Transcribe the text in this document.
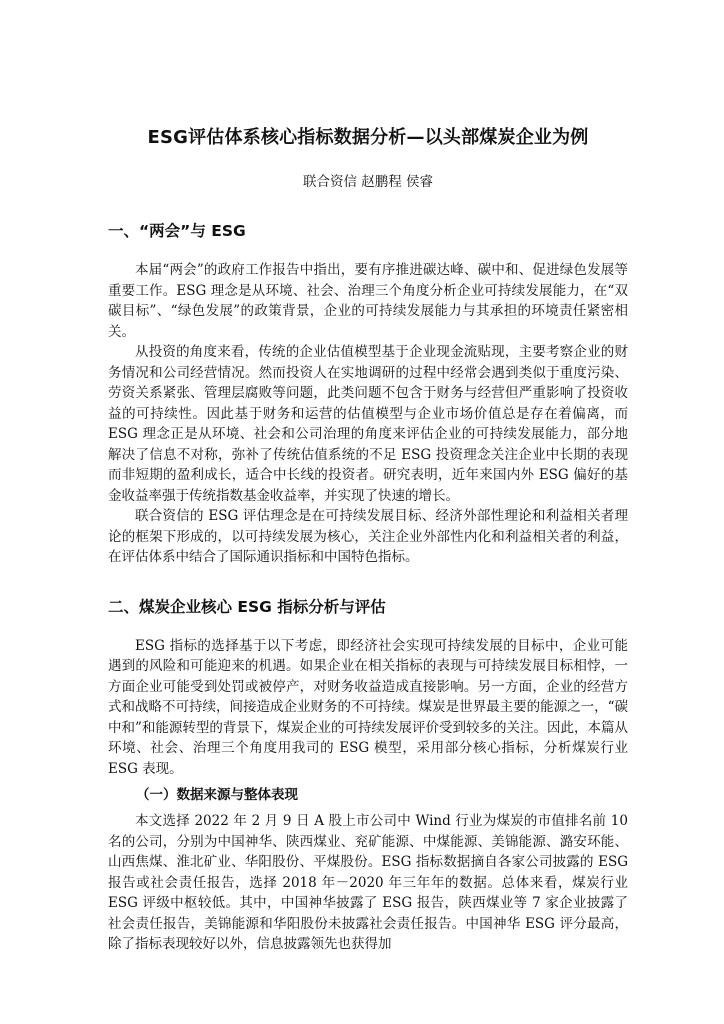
ESG评估体系核心指标数据分析—以头部煤炭企业为例
联合资信 赵鹏程 侯睿
一、“两会”与 ESG

本届“两会”的政府工作报告中指出，要有序推进碳达峰、碳中和、促进绿色发展等重要工作。ESG 理念是从环境、社会、治理三个角度分析企业可持续发展能力，在“双碳目标”、“绿色发展”的政策背景，企业的可持续发展能力与其承担的环境责任紧密相关。

从投资的角度来看，传统的企业估值模型基于企业现金流贴现，主要考察企业的财务情况和公司经营情况。然而投资人在实地调研的过程中经常会遇到类似于重度污染、劳资关系紧张、管理层腐败等问题，此类问题不包含于财务与经营但严重影响了投资收益的可持续性。因此基于财务和运营的估值模型与企业市场价值总是存在着偏离，而 ESG 理念正是从环境、社会和公司治理的角度来评估企业的可持续发展能力，部分地解决了信息不对称，弥补了传统估值系统的不足 ESG 投资理念关注企业中长期的表现而非短期的盈利成长，适合中长线的投资者。研究表明，近年来国内外 ESG 偏好的基金收益率强于传统指数基金收益率，并实现了快速的增长。

联合资信的 ESG 评估理念是在可持续发展目标、经济外部性理论和利益相关者理论的框架下形成的，以可持续发展为核心，关注企业外部性内化和利益相关者的利益，在评估体系中结合了国际通识指标和中国特色指标。

二、煤炭企业核心 ESG 指标分析与评估

ESG 指标的选择基于以下考虑，即经济社会实现可持续发展的目标中，企业可能遇到的风险和可能迎来的机遇。如果企业在相关指标的表现与可持续发展目标相悖，一方面企业可能受到处罚或被停产，对财务收益造成直接影响。另一方面，企业的经营方式和战略不可持续，间接造成企业财务的不可持续。煤炭是世界最主要的能源之一，“碳中和”和能源转型的背景下，煤炭企业的可持续发展评价受到较多的关注。因此，本篇从环境、社会、治理三个角度用我司的 ESG 模型，采用部分核心指标，分析煤炭行业 ESG 表现。

（一）数据来源与整体表现

本文选择 2022 年 2 月 9 日 A 股上市公司中 Wind 行业为煤炭的市值排名前 10 名的公司，分别为中国神华、陕西煤业、兖矿能源、中煤能源、美锦能源、潞安环能、山西焦煤、淮北矿业、华阳股份、平煤股份。ESG 指标数据摘自各家公司披露的 ESG 报告或社会责任报告，选择 2018 年－2020 年三年年的数据。总体来看，煤炭行业 ESG 评级中枢较低。其中，中国神华披露了 ESG 报告，陕西煤业等 7 家企业披露了社会责任报告，美锦能源和华阳股份未披露社会责任报告。中国神华 ESG 评分最高，除了指标表现较好以外，信息披露领先也获得加
